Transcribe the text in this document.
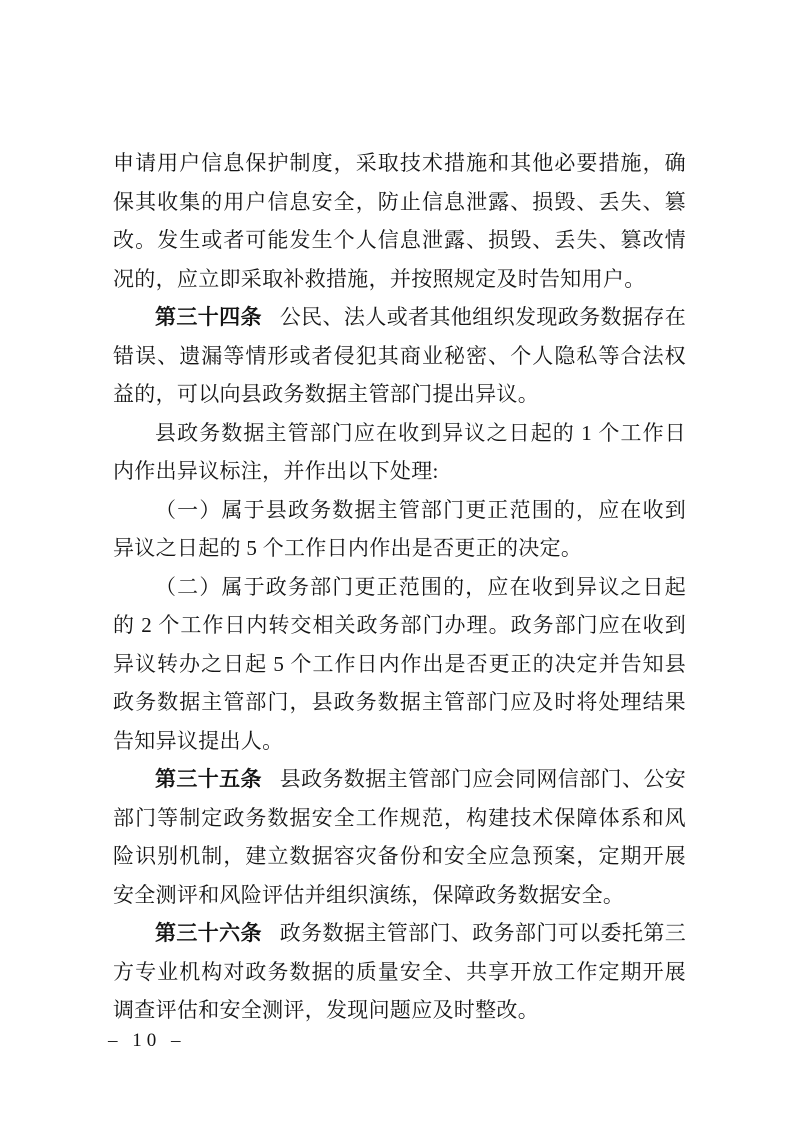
申请用户信息保护制度，采取技术措施和其他必要措施，确保其收集的用户信息安全，防止信息泄露、损毁、丢失、篡改。发生或者可能发生个人信息泄露、损毁、丢失、篡改情况的，应立即采取补救措施，并按照规定及时告知用户。

第三十四条 公民、法人或者其他组织发现政务数据存在错误、遗漏等情形或者侵犯其商业秘密、个人隐私等合法权益的，可以向县政务数据主管部门提出异议。

县政务数据主管部门应在收到异议之日起的 1 个工作日内作出异议标注，并作出以下处理:

（一）属于县政务数据主管部门更正范围的，应在收到异议之日起的 5 个工作日内作出是否更正的决定。

（二）属于政务部门更正范围的，应在收到异议之日起的 2 个工作日内转交相关政务部门办理。政务部门应在收到异议转办之日起 5 个工作日内作出是否更正的决定并告知县政务数据主管部门，县政务数据主管部门应及时将处理结果告知异议提出人。

第三十五条 县政务数据主管部门应会同网信部门、公安部门等制定政务数据安全工作规范，构建技术保障体系和风险识别机制，建立数据容灾备份和安全应急预案，定期开展安全测评和风险评估并组织演练，保障政务数据安全。

第三十六条 政务数据主管部门、政务部门可以委托第三方专业机构对政务数据的质量安全、共享开放工作定期开展调查评估和安全测评，发现问题应及时整改。

– 10 –
